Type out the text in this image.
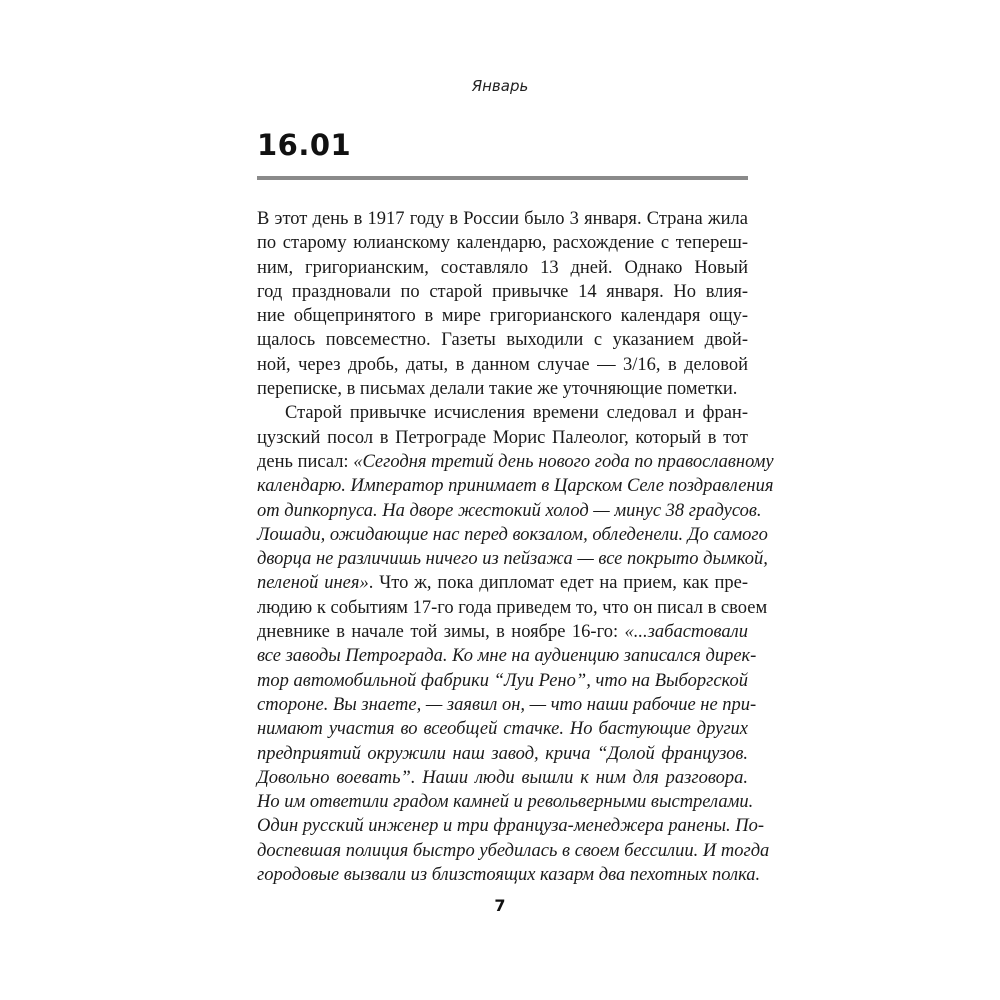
Январь
16.01
В этот день в 1917 году в России было 3 января. Страна жила
по старому юлианскому календарю, расхождение с тепереш-
ним, григорианским, составляло 13 дней. Однако Новый
год праздновали по старой привычке 14 января. Но влия-
ние общепринятого в мире григорианского календаря ощу-
щалось повсеместно. Газеты выходили с указанием двой-
ной, через дробь, даты, в данном случае — 3/16, в деловой
переписке, в письмах делали такие же уточняющие пометки.
Старой привычке исчисления времени следовал и фран-
цузский посол в Петрограде Морис Палеолог, который в тот
день писал: «Сегодня третий день нового года по православному
календарю. Император принимает в Царском Селе поздравления
от дипкорпуса. На дворе жестокий холод — минус 38 градусов.
Лошади, ожидающие нас перед вокзалом, обледенели. До самого
дворца не различишь ничего из пейзажа — все покрыто дымкой,
пеленой инея». Что ж, пока дипломат едет на прием, как пре-
людию к событиям 17-го года приведем то, что он писал в своем
дневнике в начале той зимы, в ноябре 16-го: «...забастовали
все заводы Петрограда. Ко мне на аудиенцию записался дирек-
тор автомобильной фабрики “Луи Рено”, что на Выборгской
стороне. Вы знаете, — заявил он, — что наши рабочие не при-
нимают участия во всеобщей стачке. Но бастующие других
предприятий окружили наш завод, крича “Долой французов.
Довольно воевать”. Наши люди вышли к ним для разговора.
Но им ответили градом камней и револьверными выстрелами.
Один русский инженер и три француза-менеджера ранены. По-
доспевшая полиция быстро убедилась в своем бессилии. И тогда
городовые вызвали из близстоящих казарм два пехотных полка.
7
